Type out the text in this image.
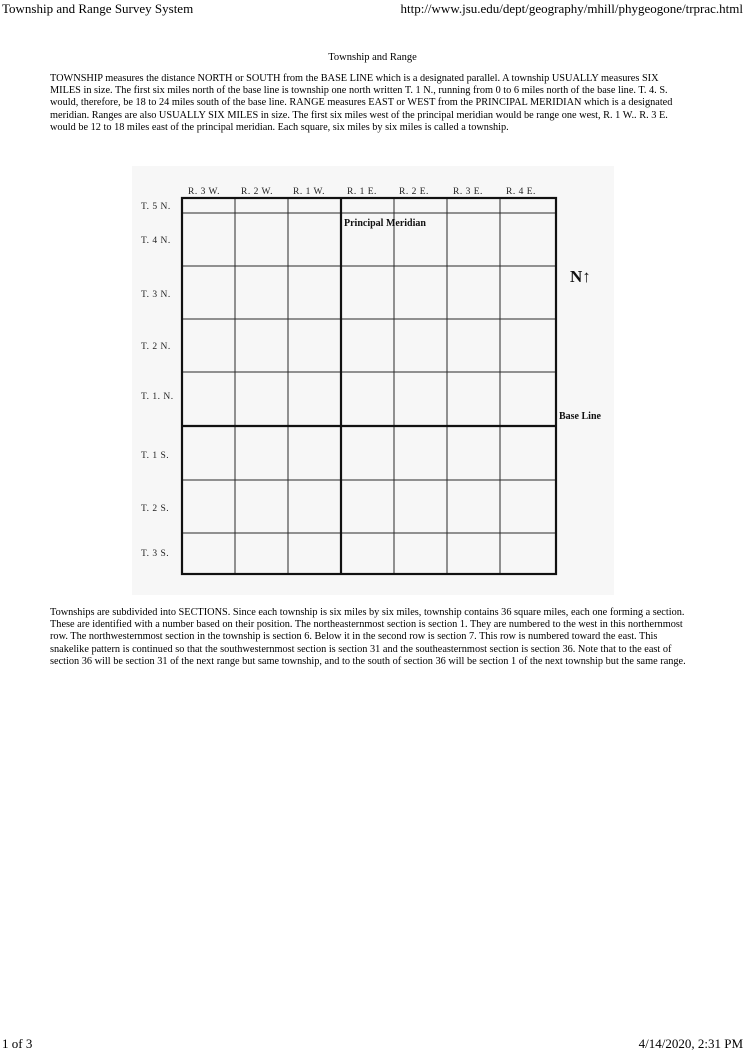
Township and Range Survey System	http://www.jsu.edu/dept/geography/mhill/phygeogone/trprac.html
Township and Range

TOWNSHIP measures the distance NORTH or SOUTH from the BASE LINE which is a designated parallel. A township USUALLY measures SIX MILES in size. The first six miles north of the base line is township one north written T. 1 N., running from 0 to 6 miles north of the base line. T. 4. S. would, therefore, be 18 to 24 miles south of the base line. RANGE measures EAST or WEST from the PRINCIPAL MERIDIAN which is a designated meridian. Ranges are also USUALLY SIX MILES in size. The first six miles west of the principal meridian would be range one west, R. 1 W.. R. 3 E. would be 12 to 18 miles east of the principal meridian. Each square, six miles by six miles is called a township.

R. 3 W. R. 2 W. R. 1 W. R. 1 E. R. 2 E.	R. 3 E. R. 4 E.
T. 5 N.
T. 4 N.
T. 3 N.
T. 2 N.
T. 1. N.
T. 1 S.
T. 2 S.
T. 3 S.
Principal Meridian
Base Line
N↑

Townships are subdivided into SECTIONS. Since each township is six miles by six miles, township contains 36 square miles, each one forming a section. These are identified with a number based on their position. The northeasternmost section is section 1. They are numbered to the west in this northernmost row. The northwesternmost section in the township is section 6. Below it in the second row is section 7. This row is numbered toward the east. This snakelike pattern is continued so that the southwesternmost section is section 31 and the southeasternmost section is section 36. Note that to the east of section 36 will be section 31 of the next range but same township, and to the south of section 36 will be section 1 of the next township but the same range.

1 of 3	4/14/2020, 2:31 PM
